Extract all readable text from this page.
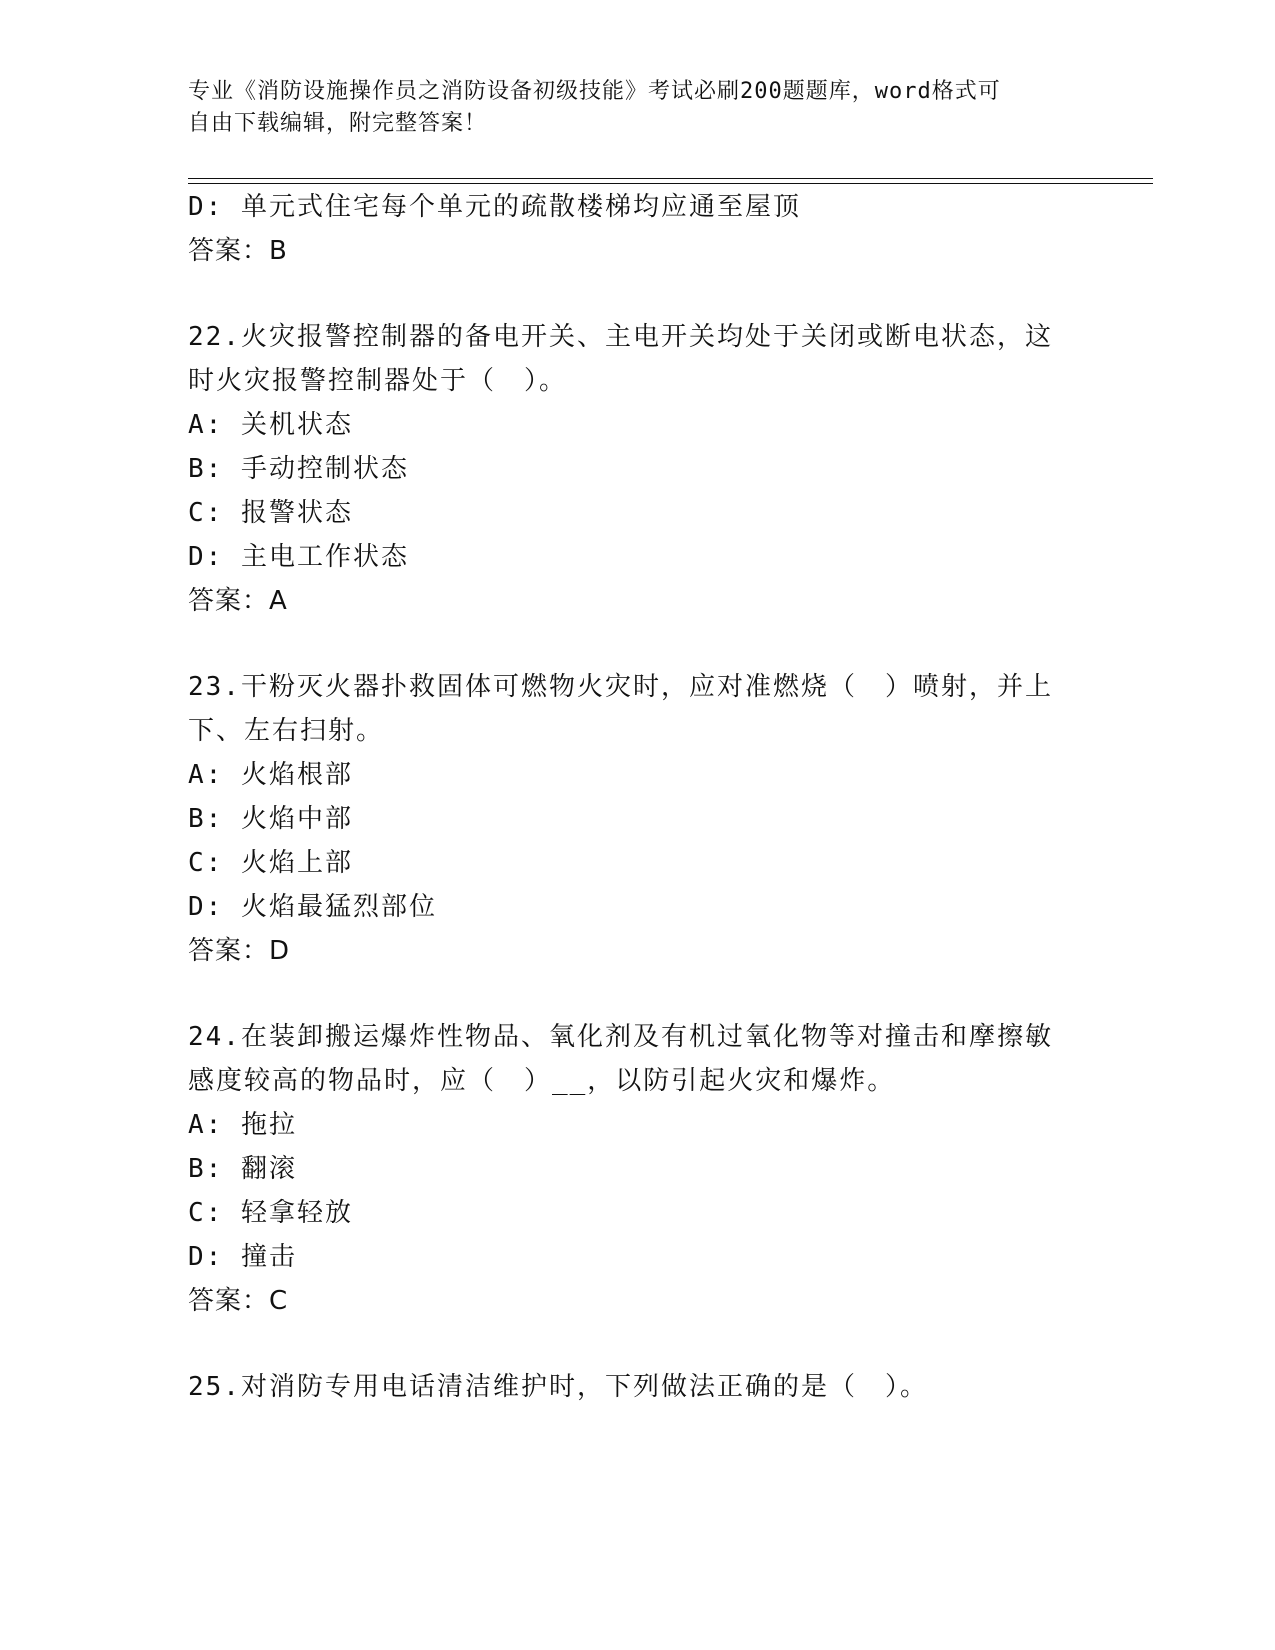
专业《消防设施操作员之消防设备初级技能》考试必刷200题题库，word格式可
自由下载编辑，附完整答案！
D: 单元式住宅每个单元的疏散楼梯均应通至屋顶
答案：B
22.火灾报警控制器的备电开关、主电开关均处于关闭或断电状态，这
时火灾报警控制器处于（　）。
A: 关机状态
B: 手动控制状态
C: 报警状态
D: 主电工作状态
答案：A
23.干粉灭火器扑救固体可燃物火灾时，应对准燃烧（　）喷射，并上
下、左右扫射。
A: 火焰根部
B: 火焰中部
C: 火焰上部
D: 火焰最猛烈部位
答案：D
24.在装卸搬运爆炸性物品、氧化剂及有机过氧化物等对撞击和摩擦敏
感度较高的物品时，应（　）__，以防引起火灾和爆炸。
A: 拖拉
B: 翻滚
C: 轻拿轻放
D: 撞击
答案：C
25.对消防专用电话清洁维护时，下列做法正确的是（　）。
